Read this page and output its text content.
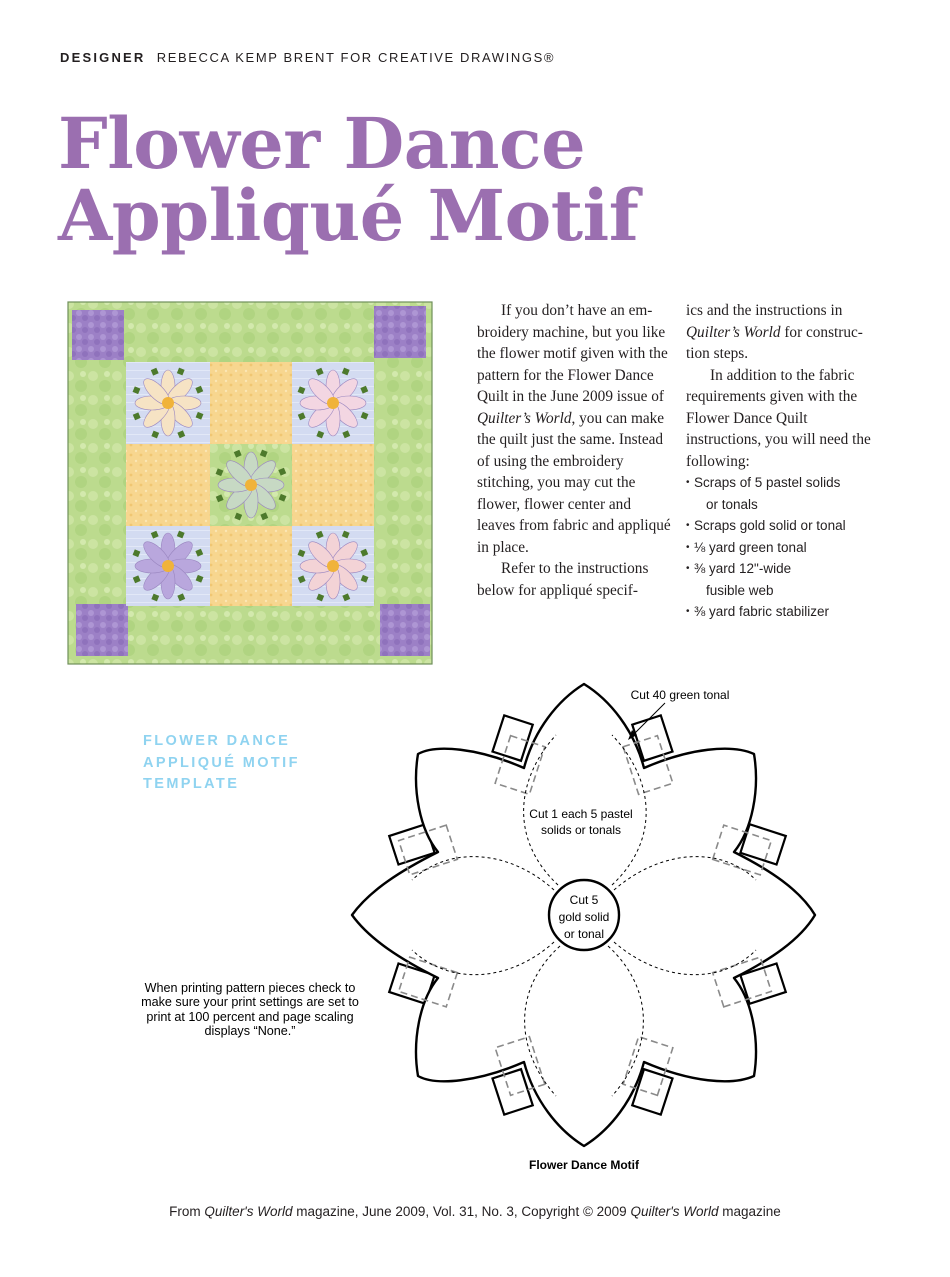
DESIGNER REBECCA KEMP BRENT FOR CREATIVE DRAWINGS®
Flower Dance
Appliqué Motif

If you don’t have an em-broidery machine, but you like the flower motif given with the pattern for the Flower Dance Quilt in the June 2009 issue of Quilter’s World, you can make the quilt just the same. Instead of using the embroidery stitching, you may cut the flower, flower center and leaves from fabric and appliqué in place.

Refer to the instructions below for appliqué specif-

ics and the instructions in Quilter’s World for construc-tion steps.

In addition to the fabric requirements given with the Flower Dance Quilt instructions, you will need the following:

• Scraps of 5 pastel solids
or tonals
• Scraps gold solid or tonal
• ⅛ yard green tonal
• ⅜ yard 12"-wide
fusible web
• ⅜ yard fabric stabilizer
FLOWER DANCE
APPLIQUÉ MOTIF
TEMPLATE
When printing pattern pieces check to make sure your print settings are set to print at 100 percent and page scaling displays “None.”
Cut 40 green tonal
Cut 1 each 5 pastel
solids or tonals
Cut 5
gold solid
or tonal
Flower Dance Motif
From Quilter's World magazine, June 2009, Vol. 31, No. 3, Copyright © 2009 Quilter's World magazine
